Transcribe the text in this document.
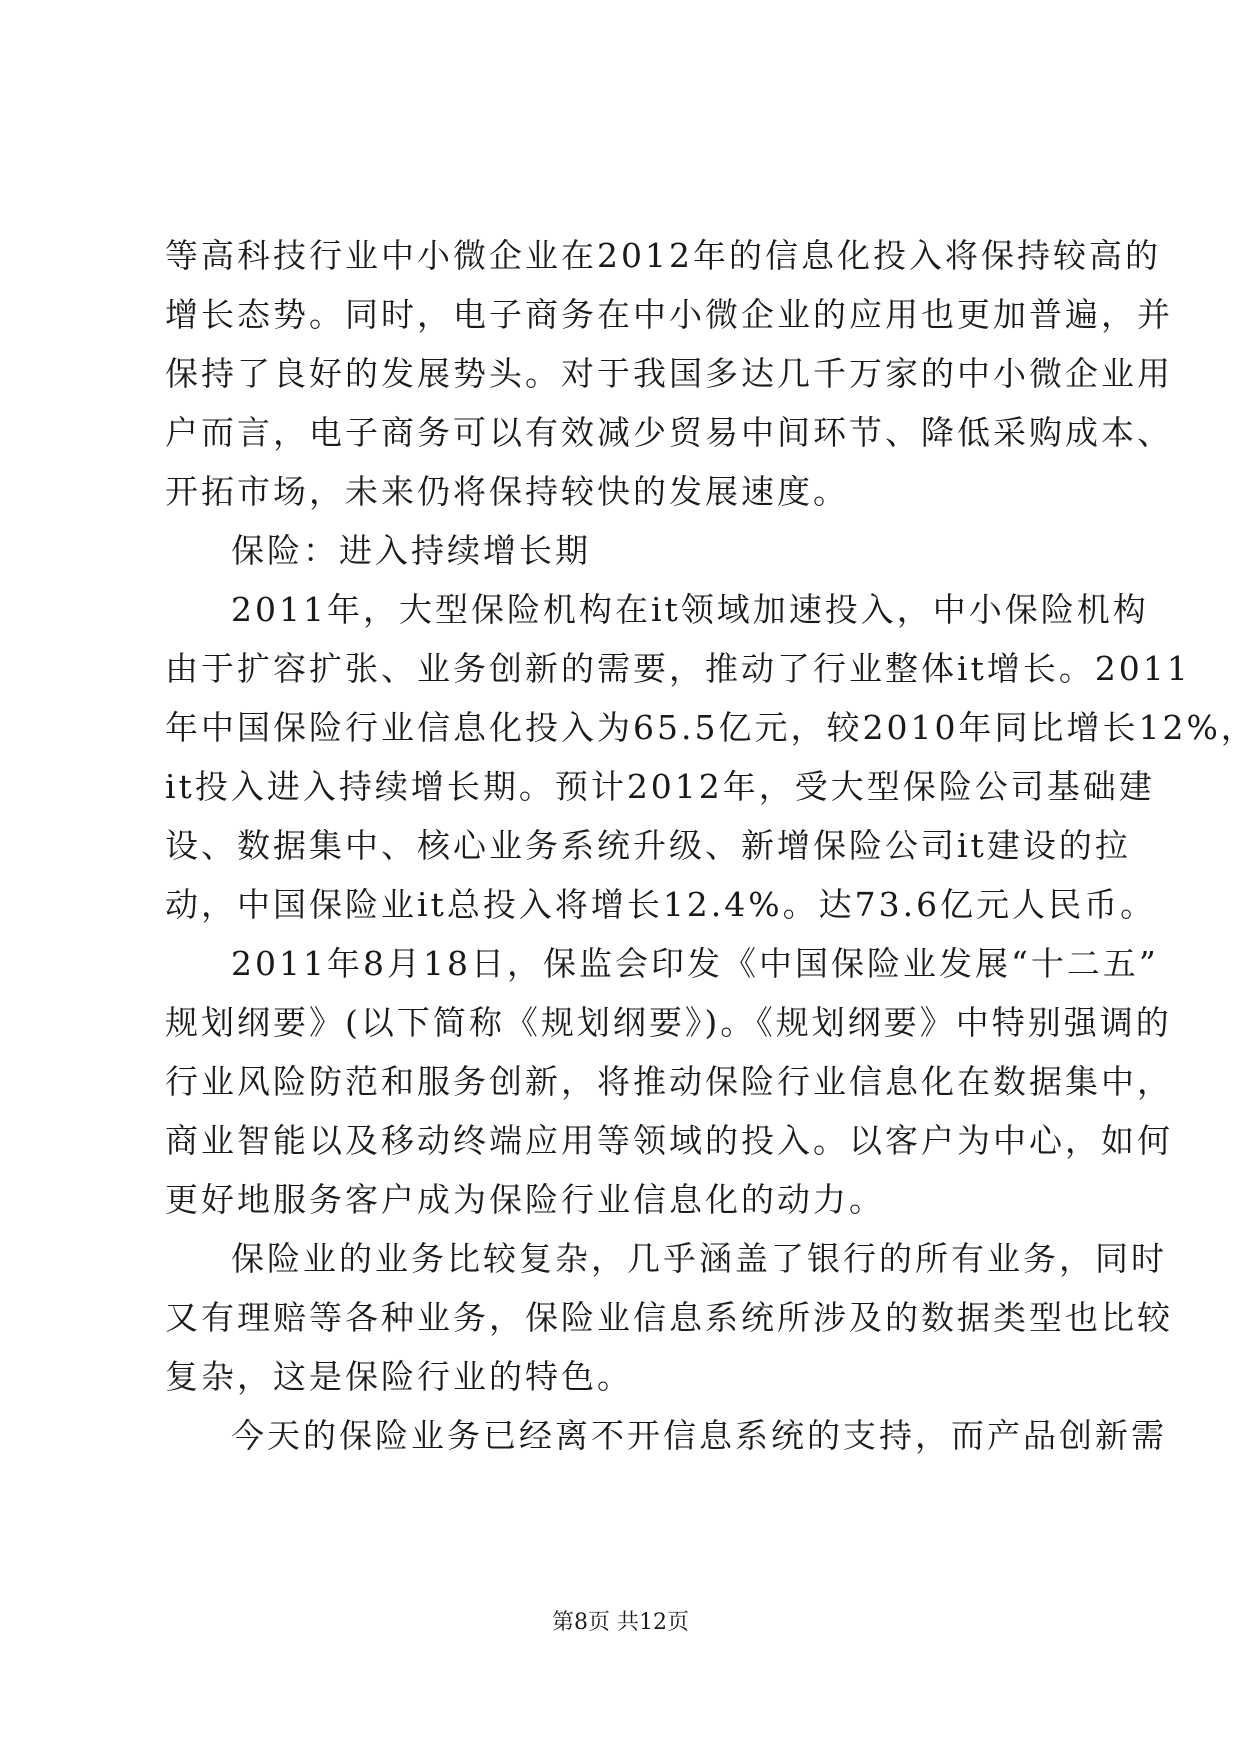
等高科技行业中小微企业在2012年的信息化投入将保持较高的
增长态势。同时，电子商务在中小微企业的应用也更加普遍，并
保持了良好的发展势头。对于我国多达几千万家的中小微企业用
户而言，电子商务可以有效减少贸易中间环节、降低采购成本、
开拓市场，未来仍将保持较快的发展速度。
保险：进入持续增长期
2011年，大型保险机构在it领域加速投入，中小保险机构
由于扩容扩张、业务创新的需要，推动了行业整体it增长。2011
年中国保险行业信息化投入为65.5亿元，较2010年同比增长12%，
it投入进入持续增长期。预计2012年，受大型保险公司基础建
设、数据集中、核心业务系统升级、新增保险公司it建设的拉
动，中国保险业it总投入将增长12.4%。达73.6亿元人民币。
2011年8月18日，保监会印发《中国保险业发展“十二五”
规划纲要》(以下简称《规划纲要》)。《规划纲要》中特别强调的
行业风险防范和服务创新，将推动保险行业信息化在数据集中，
商业智能以及移动终端应用等领域的投入。以客户为中心，如何
更好地服务客户成为保险行业信息化的动力。
保险业的业务比较复杂，几乎涵盖了银行的所有业务，同时
又有理赔等各种业务，保险业信息系统所涉及的数据类型也比较
复杂，这是保险行业的特色。
今天的保险业务已经离不开信息系统的支持，而产品创新需
第8页 共12页
